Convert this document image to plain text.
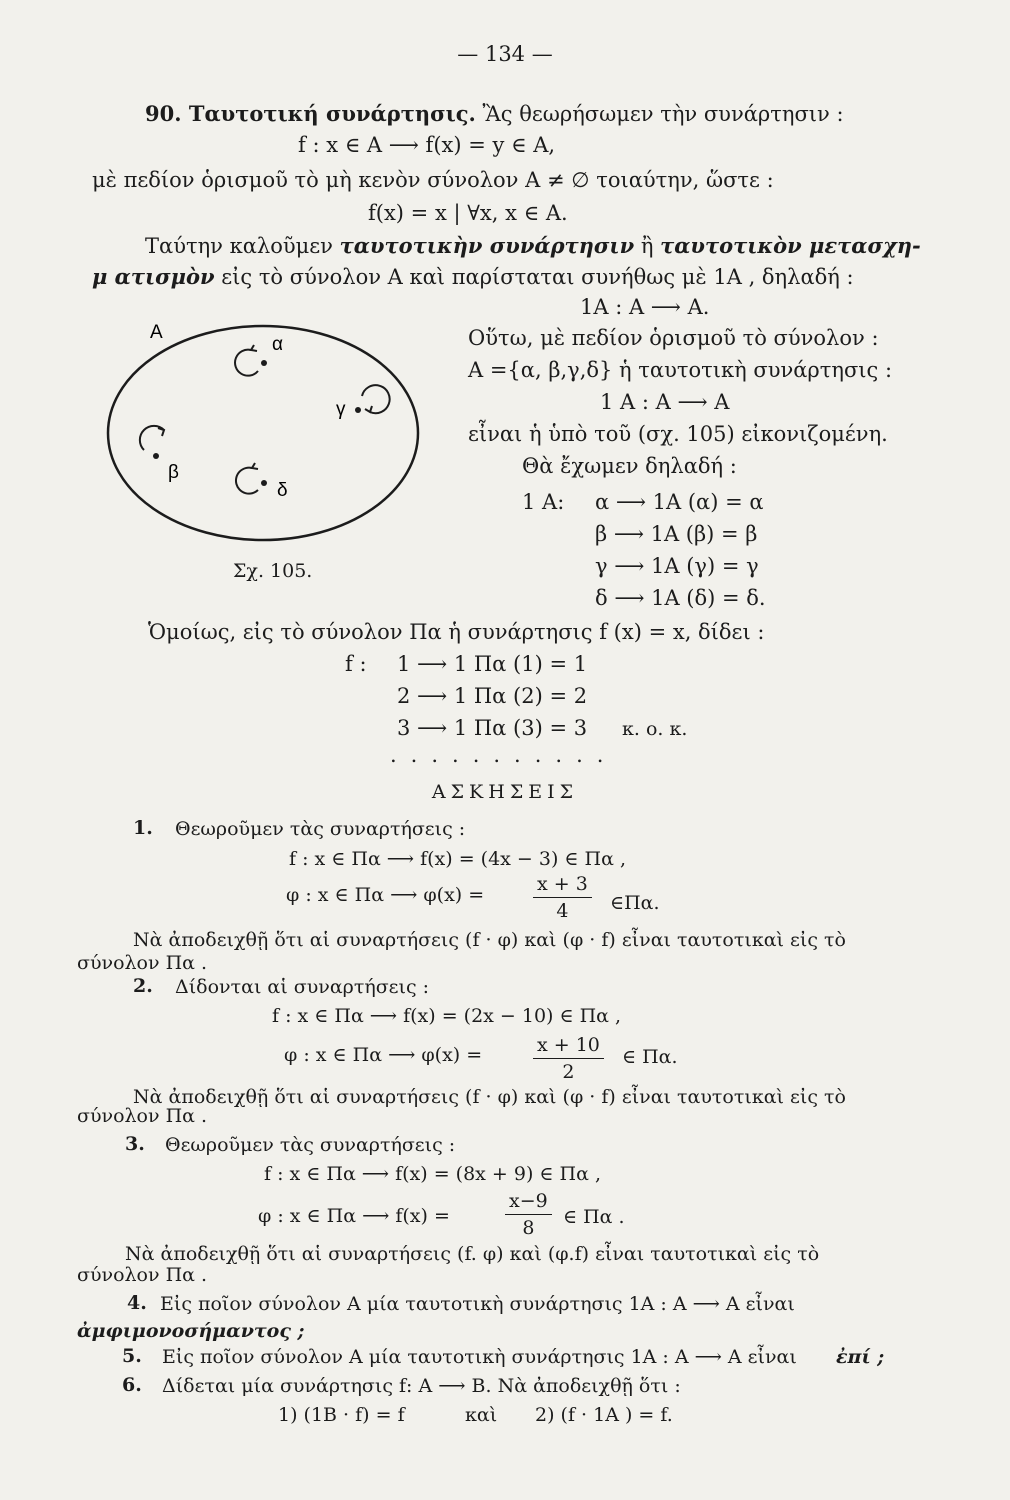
— 134 —
90. Ταυτοτική συνάρτησις. Ἂς θεωρήσωμεν τὴν συνάρτησιν :
f : x ∈ A ⟶ f(x) = y ∈ A,
μὲ πεδίον ὁρισμοῦ τὸ μὴ κενὸν σύνολον A ≠ ∅ τοιαύτην, ὥστε :
f(x) = x | ∀x, x ∈ A.
Ταύτην καλοῦμεν ταυτοτικὴν συνάρτησιν ἢ ταυτοτικὸν μετασχη-
μ ατισμὸν εἰς τὸ σύνολον A καὶ παρίσταται συνήθως μὲ 1A , δηλαδή :
1A : A ⟶ A.
A
α
γ
β
δ
Σχ. 105.
Οὕτω, μὲ πεδίον ὁρισμοῦ τὸ σύνολον :
A ={α, β,γ,δ} ἡ ταυτοτικὴ συνάρτησις :
1 A : A ⟶ A
εἶναι ἡ ὑπὸ τοῦ (σχ. 105) εἰκονιζομένη.
Θὰ ἔχωμεν δηλαδή :
1 A: α ⟶ 1A (α) = α
β ⟶ 1A (β) = β
γ ⟶ 1A (γ) = γ
δ ⟶ 1A (δ) = δ.
Ὁμοίως, εἰς τὸ σύνολον Πα ἡ συνάρτησις f (x) = x, δίδει :
f : 1 ⟶ 1 Πα (1) = 1
2 ⟶ 1 Πα (2) = 2
3 ⟶ 1 Πα (3) = 3 κ. ο. κ.
...........
ΑΣΚΗΣΕΙΣ
1. Θεωροῦμεν τὰς συναρτήσεις :
f : x ∈ Πα ⟶ f(x) = (4x − 3) ∈ Πα ,
φ : x ∈ Πα ⟶ φ(x) =	$\frac{x + 3}{4}$ ∈Πα.
Νὰ ἀποδειχθῇ ὅτι αἱ συναρτήσεις (f · φ) καὶ (φ · f) εἶναι ταυτοτικαὶ εἰς τὸ
σύνολον Πα .
2. Δίδονται αἱ συναρτήσεις :
f : x ∈ Πα ⟶ f(x) = (2x − 10) ∈ Πα ,
φ : x ∈ Πα ⟶ φ(x) =	$\frac{x + 10}{2}$ ∈ Πα.
Νὰ ἀποδειχθῇ ὅτι αἱ συναρτήσεις (f · φ) καὶ (φ · f) εἶναι ταυτοτικαὶ εἰς τὸ
σύνολον Πα .
3. Θεωροῦμεν τὰς συναρτήσεις :
f : x ∈ Πα ⟶ f(x) = (8x + 9) ∈ Πα ,
φ : x ∈ Πα ⟶ f(x) =	$\frac{x-9}{8}$ ∈ Πα .
Νὰ ἀποδειχθῇ ὅτι αἱ συναρτήσεις (f. φ) καὶ (φ.f) εἶναι ταυτοτικαὶ εἰς τὸ
σύνολον Πα .
4. Εἰς ποῖον σύνολον A μία ταυτοτικὴ συνάρτησις 1A : A ⟶ A εἶναι
ἀμφιμονοσήμαντος ;
5. Εἰς ποῖον σύνολον A μία ταυτοτικὴ συνάρτησις 1A : A ⟶ A εἶναι ἐπί ;
6. Δίδεται μία συνάρτησις f: A ⟶ B. Νὰ ἀποδειχθῇ ὅτι :
1) (1B · f) = f	καὶ 2) (f · 1A ) = f.
